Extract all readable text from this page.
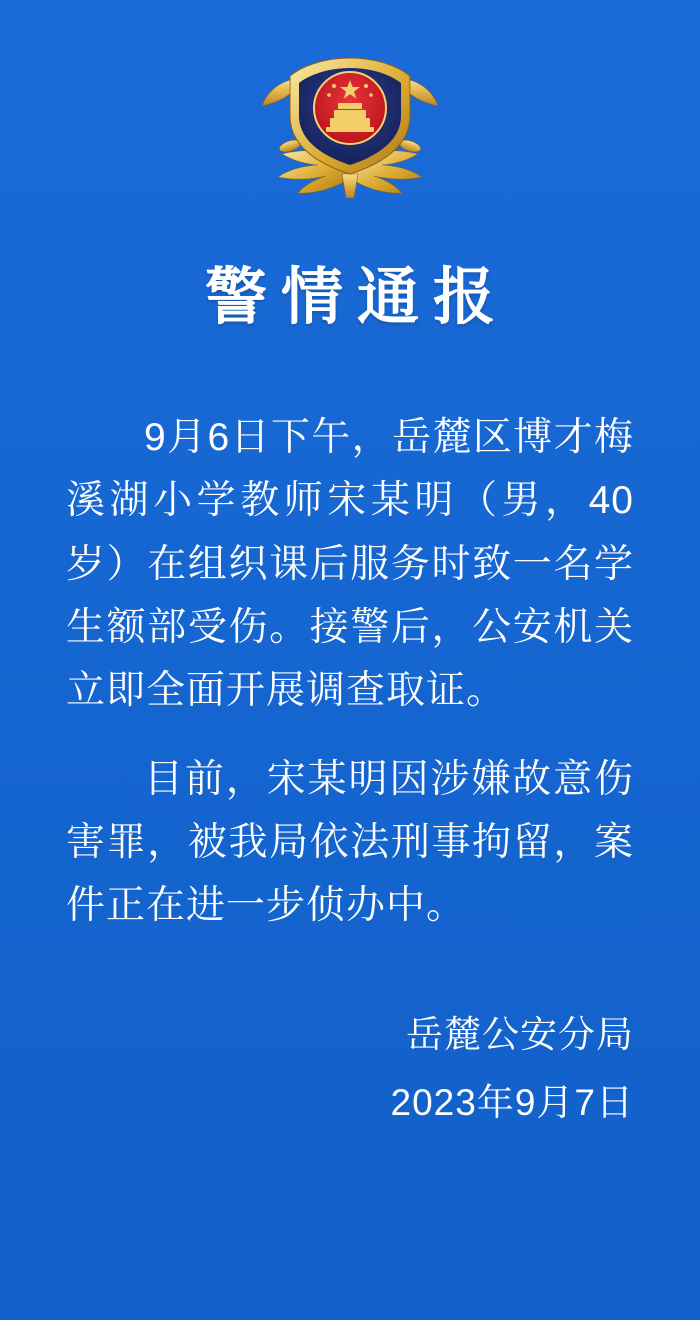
警情通报

9月6日下午，岳麓区博才梅溪湖小学教师宋某明（男，40岁）在组织课后服务时致一名学生额部受伤。接警后，公安机关立即全面开展调查取证。

目前，宋某明因涉嫌故意伤害罪，被我局依法刑事拘留，案件正在进一步侦办中。

岳麓公安分局
2023年9月7日
